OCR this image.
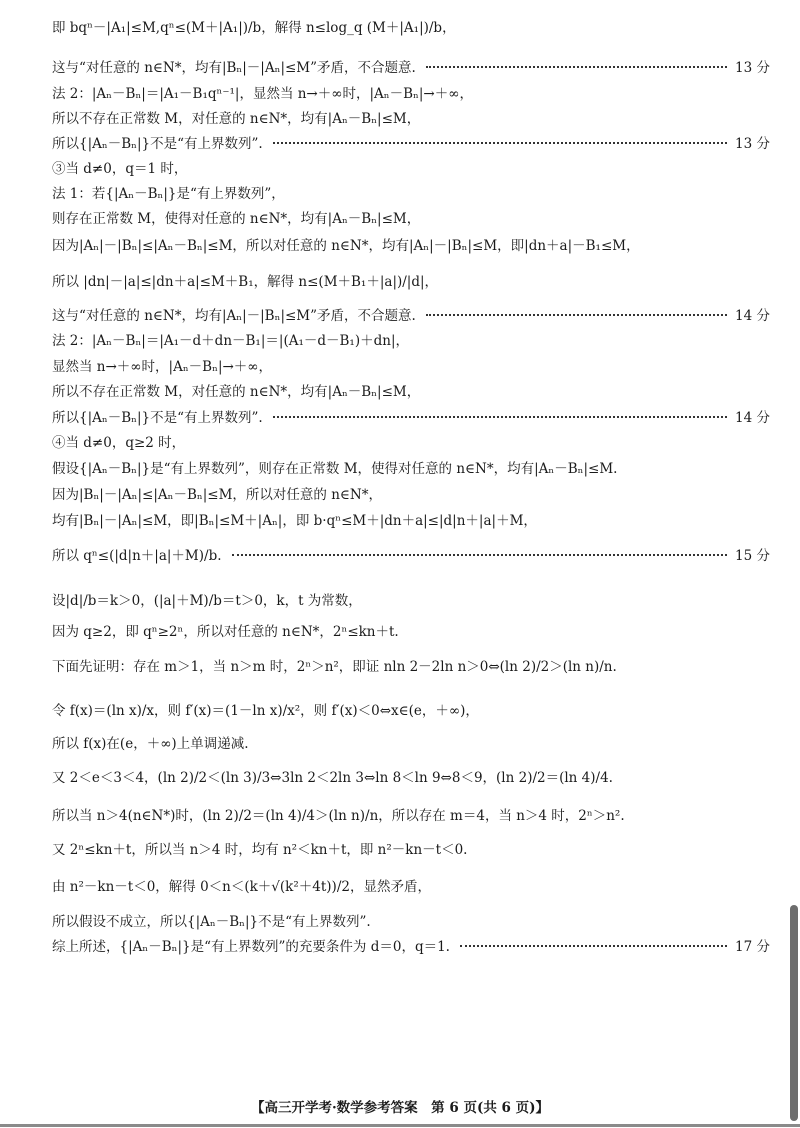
即 bqⁿ－|A₁|≤M,qⁿ≤(M＋|A₁|)/b，解得 n≤log_q (M＋|A₁|)/b，
这与“对任意的 n∈N*，均有|Bₙ|－|Aₙ|≤M”矛盾，不合题意.	13 分
法 2：|Aₙ－Bₙ|＝|A₁－B₁qⁿ⁻¹|，显然当 n→＋∞时，|Aₙ－Bₙ|→＋∞，
所以不存在正常数 M，对任意的 n∈N*，均有|Aₙ－Bₙ|≤M，
所以{|Aₙ－Bₙ|}不是“有上界数列”.	13 分
③当 d≠0，q＝1 时，
法 1：若{|Aₙ－Bₙ|}是“有上界数列”，
则存在正常数 M，使得对任意的 n∈N*，均有|Aₙ－Bₙ|≤M，
因为|Aₙ|－|Bₙ|≤|Aₙ－Bₙ|≤M，所以对任意的 n∈N*，均有|Aₙ|－|Bₙ|≤M，即|dn＋a|－B₁≤M，
所以 |dn|－|a|≤|dn＋a|≤M＋B₁，解得 n≤(M＋B₁＋|a|)/|d|，
这与“对任意的 n∈N*，均有|Aₙ|－|Bₙ|≤M”矛盾，不合题意.	14 分
法 2：|Aₙ－Bₙ|＝|A₁－d＋dn－B₁|＝|(A₁－d－B₁)＋dn|，
显然当 n→＋∞时，|Aₙ－Bₙ|→＋∞，
所以不存在正常数 M，对任意的 n∈N*，均有|Aₙ－Bₙ|≤M，
所以{|Aₙ－Bₙ|}不是“有上界数列”.	14 分
④当 d≠0，q≥2 时，
假设{|Aₙ－Bₙ|}是“有上界数列”，则存在正常数 M，使得对任意的 n∈N*，均有|Aₙ－Bₙ|≤M.
因为|Bₙ|－|Aₙ|≤|Aₙ－Bₙ|≤M，所以对任意的 n∈N*，
均有|Bₙ|－|Aₙ|≤M，即|Bₙ|≤M＋|Aₙ|，即 b·qⁿ≤M＋|dn＋a|≤|d|n＋|a|＋M，
所以 qⁿ≤(|d|n＋|a|＋M)/b.	15 分
设|d|/b＝k＞0，(|a|＋M)/b＝t＞0，k，t 为常数，
因为 q≥2，即 qⁿ≥2ⁿ，所以对任意的 n∈N*，2ⁿ≤kn＋t.
下面先证明：存在 m＞1，当 n＞m 时，2ⁿ＞n²，即证 nln 2－2ln n＞0⇔(ln 2)/2＞(ln n)/n.
令 f(x)＝(ln x)/x，则 f′(x)＝(1－ln x)/x²，则 f′(x)＜0⇔x∈(e，＋∞)，
所以 f(x)在(e，＋∞)上单调递减.
又 2＜e＜3＜4，(ln 2)/2＜(ln 3)/3⇔3ln 2＜2ln 3⇔ln 8＜ln 9⇔8＜9，(ln 2)/2＝(ln 4)/4.
所以当 n＞4(n∈N*)时，(ln 2)/2＝(ln 4)/4＞(ln n)/n，所以存在 m＝4，当 n＞4 时，2ⁿ＞n².
又 2ⁿ≤kn＋t，所以当 n＞4 时，均有 n²＜kn＋t，即 n²－kn－t＜0.
由 n²－kn－t＜0，解得 0＜n＜(k＋√(k²＋4t))/2，显然矛盾，
所以假设不成立，所以{|Aₙ－Bₙ|}不是“有上界数列”.
综上所述，{|Aₙ－Bₙ|}是“有上界数列”的充要条件为 d＝0，q＝1.	17 分
【高三开学考·数学参考答案　第 6 页(共 6 页)】
